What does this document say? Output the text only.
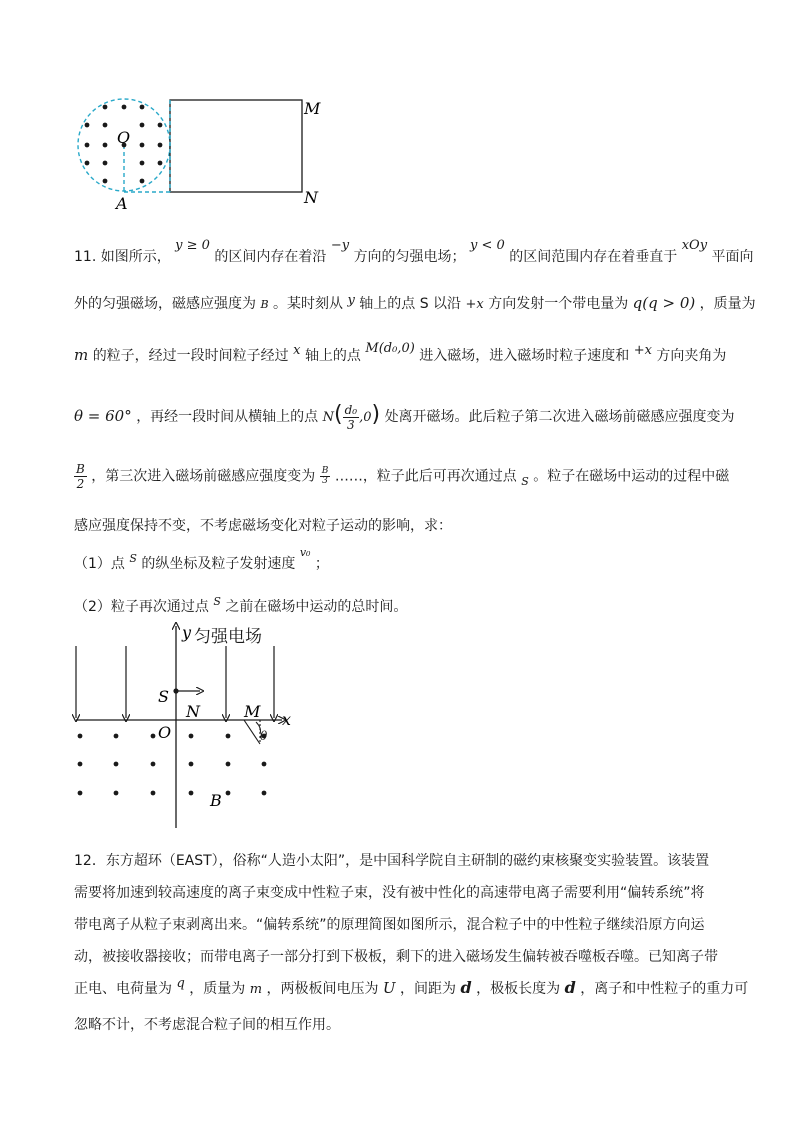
M
N
O
A
11. 如图所示， y ≥ 0 的区间内存在着沿 −y 方向的匀强电场； y < 0 的区间范围内存在着垂直于 xOy 平面向
外的匀强磁场，磁感应强度为 B 。某时刻从 y 轴上的点 S 以沿 +x 方向发射一个带电量为 q(q > 0) ，质量为
m 的粒子，经过一段时间粒子经过 x 轴上的点 M(d₀,0) 进入磁场，进入磁场时粒子速度和 +x 方向夹角为
θ = 60° ，再经一段时间从横轴上的点 $N( \frac{\text{d₀}}{3} ,0)$ 处离开磁场。此后粒子第二次进入磁场前磁感应强度变为
$\frac{B}{2}$ ，第三次进入磁场前磁感应强度变为 $\frac{B}{3}$ ……，粒子此后可再次通过点 $_S$ 。粒子在磁场中运动的过程中磁
感应强度保持不变，不考虑磁场变化对粒子运动的影响，求：
（1）点 $^S$ 的纵坐标及粒子发射速度 $^{v_0}$ ；
（2）粒子再次通过点 $^S$ 之前在磁场中运动的总时间。
y 匀强电场
S
N	M x
O	θ
B
12．东方超环（EAST），俗称“人造小太阳”，是中国科学院自主研制的磁约束核聚变实验装置。该装置
需要将加速到较高速度的离子束变成中性粒子束，没有被中性化的高速带电离子需要利用“偏转系统”将
带电离子从粒子束剥离出来。“偏转系统”的原理简图如图所示，混合粒子中的中性粒子继续沿原方向运
动，被接收器接收；而带电离子一部分打到下极板，剩下的进入磁场发生偏转被吞噬板吞噬。已知离子带
正电、电荷量为 q ，质量为 m ，两极板间电压为 U ，间距为 d ，极板长度为 d ，离子和中性粒子的重力可
忽略不计，不考虑混合粒子间的相互作用。
